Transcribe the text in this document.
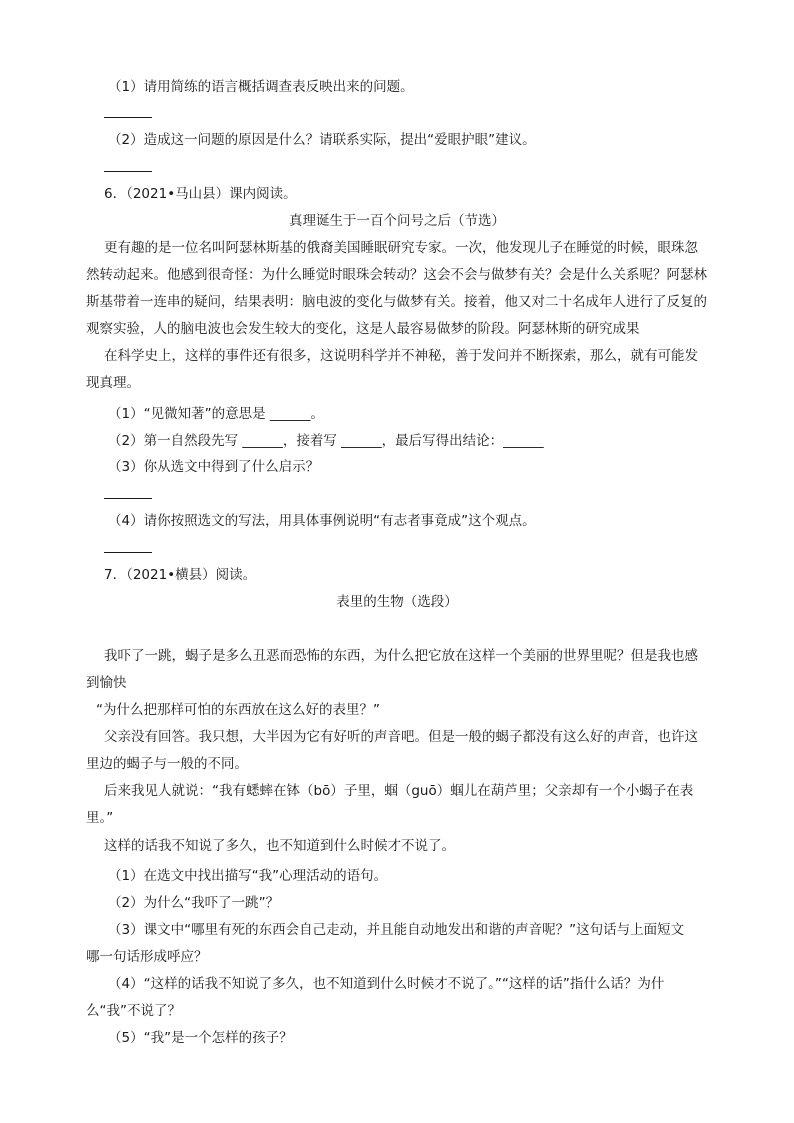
（1）请用简练的语言概括调查表反映出来的问题。
（2）造成这一问题的原因是什么？请联系实际，提出“爱眼护眼”建议。
6．（2021•马山县）课内阅读。
真理诞生于一百个问号之后（节选）
更有趣的是一位名叫阿瑟林斯基的俄裔美国睡眠研究专家。一次，他发现儿子在睡觉的时候，眼珠忽
然转动起来。他感到很奇怪：为什么睡觉时眼珠会转动？这会不会与做梦有关？会是什么关系呢？阿瑟林
斯基带着一连串的疑问，结果表明：脑电波的变化与做梦有关。接着，他又对二十名成年人进行了反复的
观察实验，人的脑电波也会发生较大的变化，这是人最容易做梦的阶段。阿瑟林斯的研究成果
在科学史上，这样的事件还有很多，这说明科学并不神秘，善于发问并不断探索，那么，就有可能发
现真理。
（1）“见微知著”的意思是 ______。
（2）第一自然段先写 ______，接着写 ______，最后写得出结论：______
（3）你从选文中得到了什么启示？
（4）请你按照选文的写法，用具体事例说明“有志者事竟成”这个观点。
7．（2021•横县）阅读。
表里的生物（选段）
我吓了一跳，蝎子是多么丑恶而恐怖的东西，为什么把它放在这样一个美丽的世界里呢？但是我也感
到愉快
“为什么把那样可怕的东西放在这么好的表里？”
父亲没有回答。我只想，大半因为它有好听的声音吧。但是一般的蝎子都没有这么好的声音，也许这
里边的蝎子与一般的不同。
后来我见人就说：“我有蟋蟀在钵（bō）子里，蝈（guō）蝈儿在葫芦里；父亲却有一个小蝎子在表
里。”
这样的话我不知说了多久，也不知道到什么时候才不说了。
（1）在选文中找出描写“我”心理活动的语句。
（2）为什么“我吓了一跳”？
（3）课文中“哪里有死的东西会自己走动，并且能自动地发出和谐的声音呢？”这句话与上面短文
哪一句话形成呼应？
（4）“这样的话我不知说了多久，也不知道到什么时候才不说了。”“这样的话”指什么话？为什
么“我”不说了？
（5）“我”是一个怎样的孩子？
